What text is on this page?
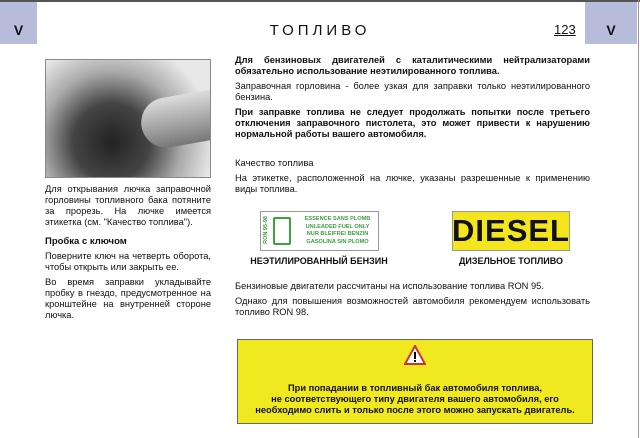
V	V
ТОПЛИВО	123

Для открывания лючка заправочной горловины топливного бака потяните за прорезь. На лючке имеется этикетка (см. "Качество топлива").

Пробка с ключом

Поверните ключ на четверть оборота, чтобы открыть или закрыть ее.

Во время заправки укладывайте пробку в гнездо, предусмотренное на кронштейне на внутренней стороне лючка.

Для бензиновых двигателей с каталитическими нейтрализаторами обязательно использование неэтилированного топлива.

Заправочная горловина - более узкая для заправки только неэтилированного бензина.

При заправке топлива не следует продолжать попытки после третьего отключения заправочного пистолета, это может привести к нарушению нормальной работы вашего автомобиля.

Качество топлива

На этикетке, расположенной на лючке, указаны разрешенные к применению виды топлива.

Бензиновые двигатели рассчитаны на использование топлива RON 95.

Однако для повышения возможностей автомобиля рекомендуем использовать топливо RON 98.

RON 95-98	ESSENCE SANS PLOMB
UNLEADED FUEL ONLY
NUR BLEIFREI BENZIN
GASOLINA SIN PLOMO	DIESEL
НЕЭТИЛИРОВАННЫЙ БЕНЗИН	ДИЗЕЛЬНОЕ ТОПЛИВО
При попадании в топливный бак автомобиля топлива,
не соответствующего типу двигателя вашего автомобиля, его
необходимо слить и только после этого можно запускать двигатель.
